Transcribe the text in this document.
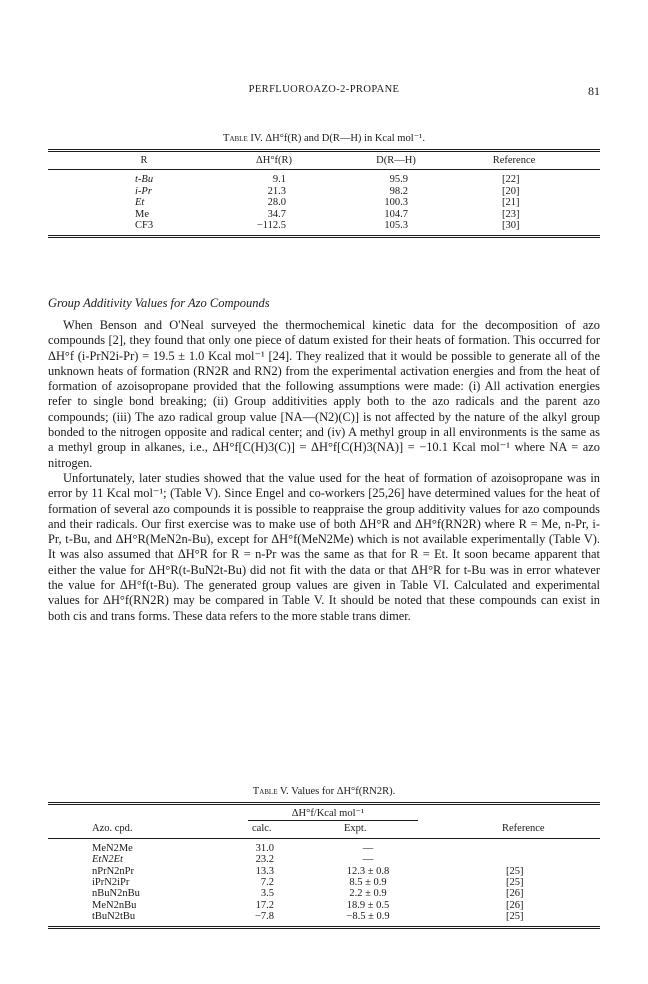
PERFLUOROAZO-2-PROPANE	81
Table IV. ΔH°f(R) and D(R—H) in Kcal mol⁻¹.
R	ΔH°f(R)	D(R—H)	Reference
t-Bu	9.1	95.9	[22]
i-Pr	21.3	98.2	[20]
Et	28.0	100.3	[21]
Me	34.7	104.7	[23]
CF3	−112.5	105.3	[30]
Group Additivity Values for Azo Compounds

When Benson and O'Neal surveyed the thermochemical kinetic data for the decomposition of azo compounds [2], they found that only one piece of datum existed for their heats of formation. This occurred for ΔH°f (i-PrN2i-Pr) = 19.5 ± 1.0 Kcal mol⁻¹ [24]. They realized that it would be possible to generate all of the unknown heats of formation (RN2R and RN2) from the experimental activation energies and from the heat of formation of azoisopropane provided that the following assumptions were made: (i) All activation energies refer to single bond breaking; (ii) Group additivities apply both to the azo radicals and the parent azo compounds; (iii) The azo radical group value [NA—(N2)(C)] is not affected by the nature of the alkyl group bonded to the nitrogen opposite and radical center; and (iv) A methyl group in all environments is the same as a methyl group in alkanes, i.e., ΔH°f[C(H)3(C)] = ΔH°f[C(H)3(NA)] = −10.1 Kcal mol⁻¹ where NA = azo nitrogen.

Unfortunately, later studies showed that the value used for the heat of formation of azoisopropane was in error by 11 Kcal mol⁻¹; (Table V). Since Engel and co-workers [25,26] have determined values for the heat of formation of several azo compounds it is possible to reappraise the group additivity values for azo compounds and their radicals. Our first exercise was to make use of both ΔH°R and ΔH°f(RN2R) where R = Me, n-Pr, i-Pr, t-Bu, and ΔH°R(MeN2n-Bu), except for ΔH°f(MeN2Me) which is not available experimentally (Table V). It was also assumed that ΔH°R for R = n-Pr was the same as that for R = Et. It soon became apparent that either the value for ΔH°R(t-BuN2t-Bu) did not fit with the data or that ΔH°R for t-Bu was in error whatever the value for ΔH°f(t-Bu). The generated group values are given in Table VI. Calculated and experimental values for ΔH°f(RN2R) may be compared in Table V. It should be noted that these compounds can exist in both cis and trans forms. These data refers to the more stable trans dimer.

Table V. Values for ΔH°f(RN2R).
ΔH°f/Kcal mol⁻¹
Azo. cpd.	calc.	Expt.	Reference
MeN2Me	31.0	—
EtN2Et	23.2	—
nPrN2nPr	13.3	12.3 ± 0.8	[25]
iPrN2iPr	7.2	8.5 ± 0.9	[25]
nBuN2nBu	3.5	2.2 ± 0.9	[26]
MeN2nBu	17.2	18.9 ± 0.5	[26]
tBuN2tBu	−7.8	−8.5 ± 0.9	[25]
